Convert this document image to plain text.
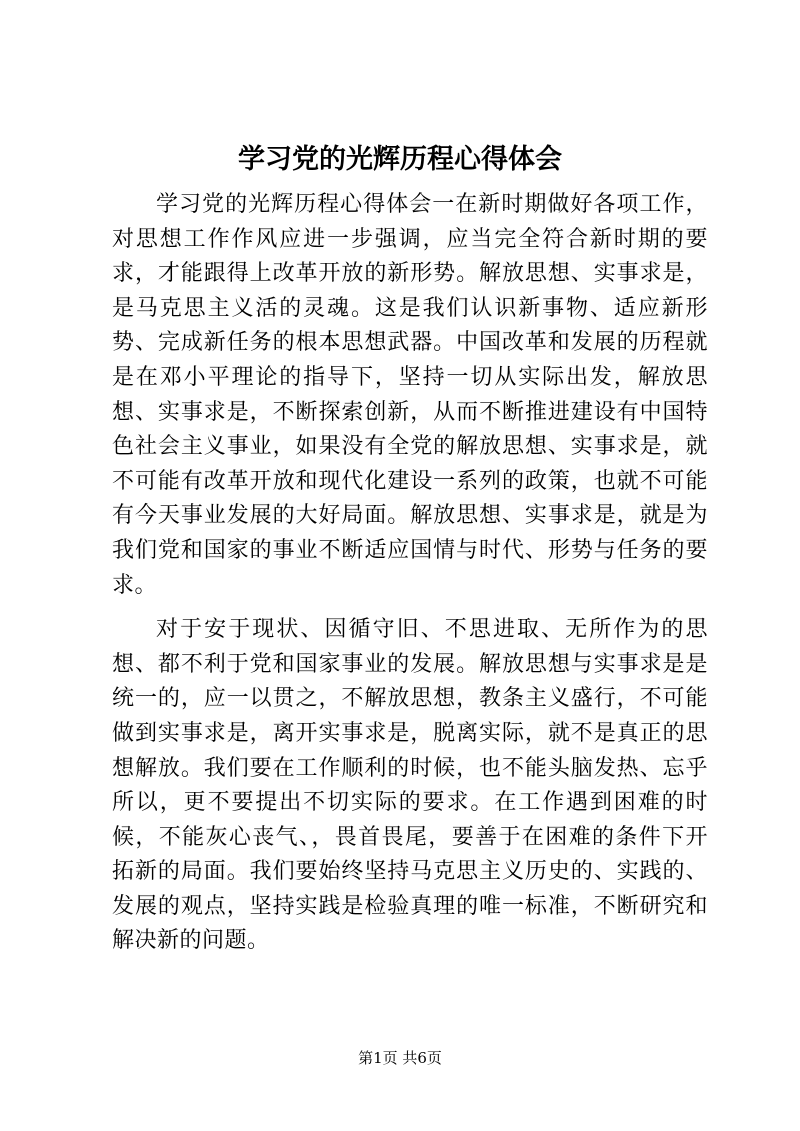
学习党的光辉历程心得体会

学习党的光辉历程心得体会一在新时期做好各项工作，对思想工作作风应进一步强调，应当完全符合新时期的要求，才能跟得上改革开放的新形势。解放思想、实事求是，是马克思主义活的灵魂。这是我们认识新事物、适应新形势、完成新任务的根本思想武器。中国改革和发展的历程就是在邓小平理论的指导下，坚持一切从实际出发，解放思想、实事求是，不断探索创新，从而不断推进建设有中国特色社会主义事业，如果没有全党的解放思想、实事求是，就不可能有改革开放和现代化建设一系列的政策，也就不可能有今天事业发展的大好局面。解放思想、实事求是，就是为我们党和国家的事业不断适应国情与时代、形势与任务的要求。

对于安于现状、因循守旧、不思进取、无所作为的思想、都不利于党和国家事业的发展。解放思想与实事求是是统一的，应一以贯之，不解放思想，教条主义盛行，不可能做到实事求是，离开实事求是，脱离实际，就不是真正的思想解放。我们要在工作顺利的时候，也不能头脑发热、忘乎所以，更不要提出不切实际的要求。在工作遇到困难的时候，不能灰心丧气、，畏首畏尾，要善于在困难的条件下开拓新的局面。我们要始终坚持马克思主义历史的、实践的、发展的观点，坚持实践是检验真理的唯一标准，不断研究和解决新的问题。

第1页 共6页
